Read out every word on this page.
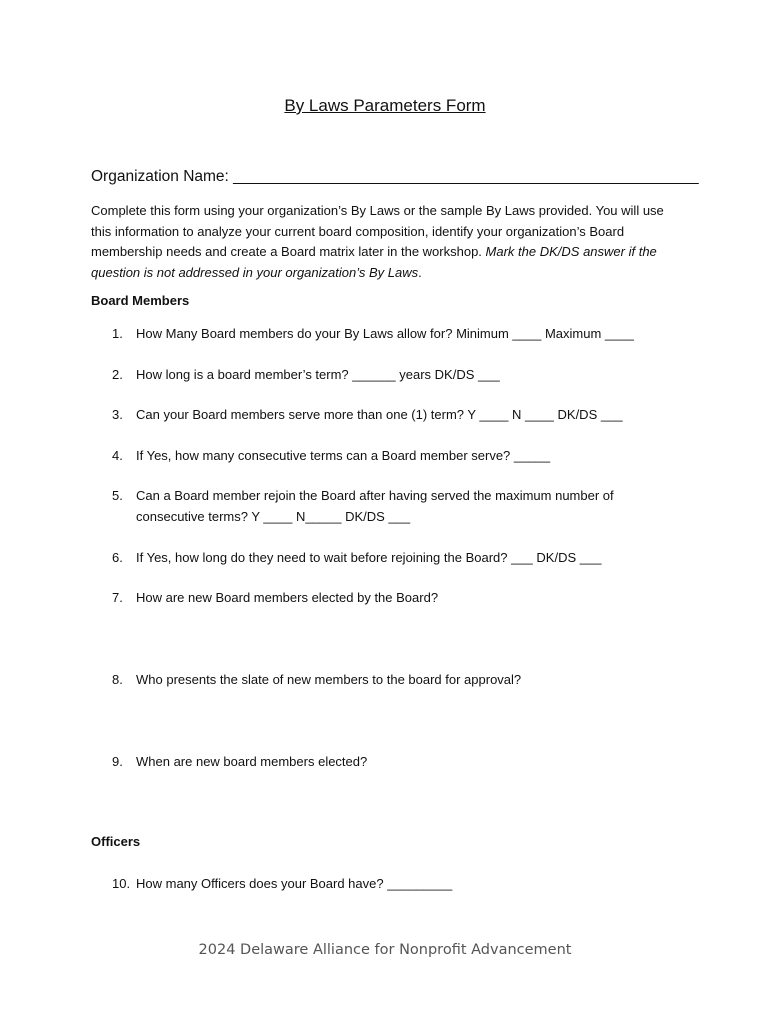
By Laws Parameters Form
Organization Name: ______________________________________________________
Complete this form using your organization’s By Laws or the sample By Laws provided. You will use this information to analyze your current board composition, identify your organization’s Board membership needs and create a Board matrix later in the workshop. Mark the DK/DS answer if the question is not addressed in your organization’s By Laws.
Board Members
1. How Many Board members do your By Laws allow for? Minimum ____ Maximum ____
2. How long is a board member’s term? ______ years DK/DS ___
3. Can your Board members serve more than one (1) term? Y ____ N ____ DK/DS ___
4. If Yes, how many consecutive terms can a Board member serve? _____
5. Can a Board member rejoin the Board after having served the maximum number of consecutive terms? Y ____ N_____ DK/DS ___
6. If Yes, how long do they need to wait before rejoining the Board? ___ DK/DS ___
7. How are new Board members elected by the Board?
8. Who presents the slate of new members to the board for approval?
9. When are new board members elected?
Officers
10. How many Officers does your Board have? _________
2024 Delaware Alliance for Nonprofit Advancement
